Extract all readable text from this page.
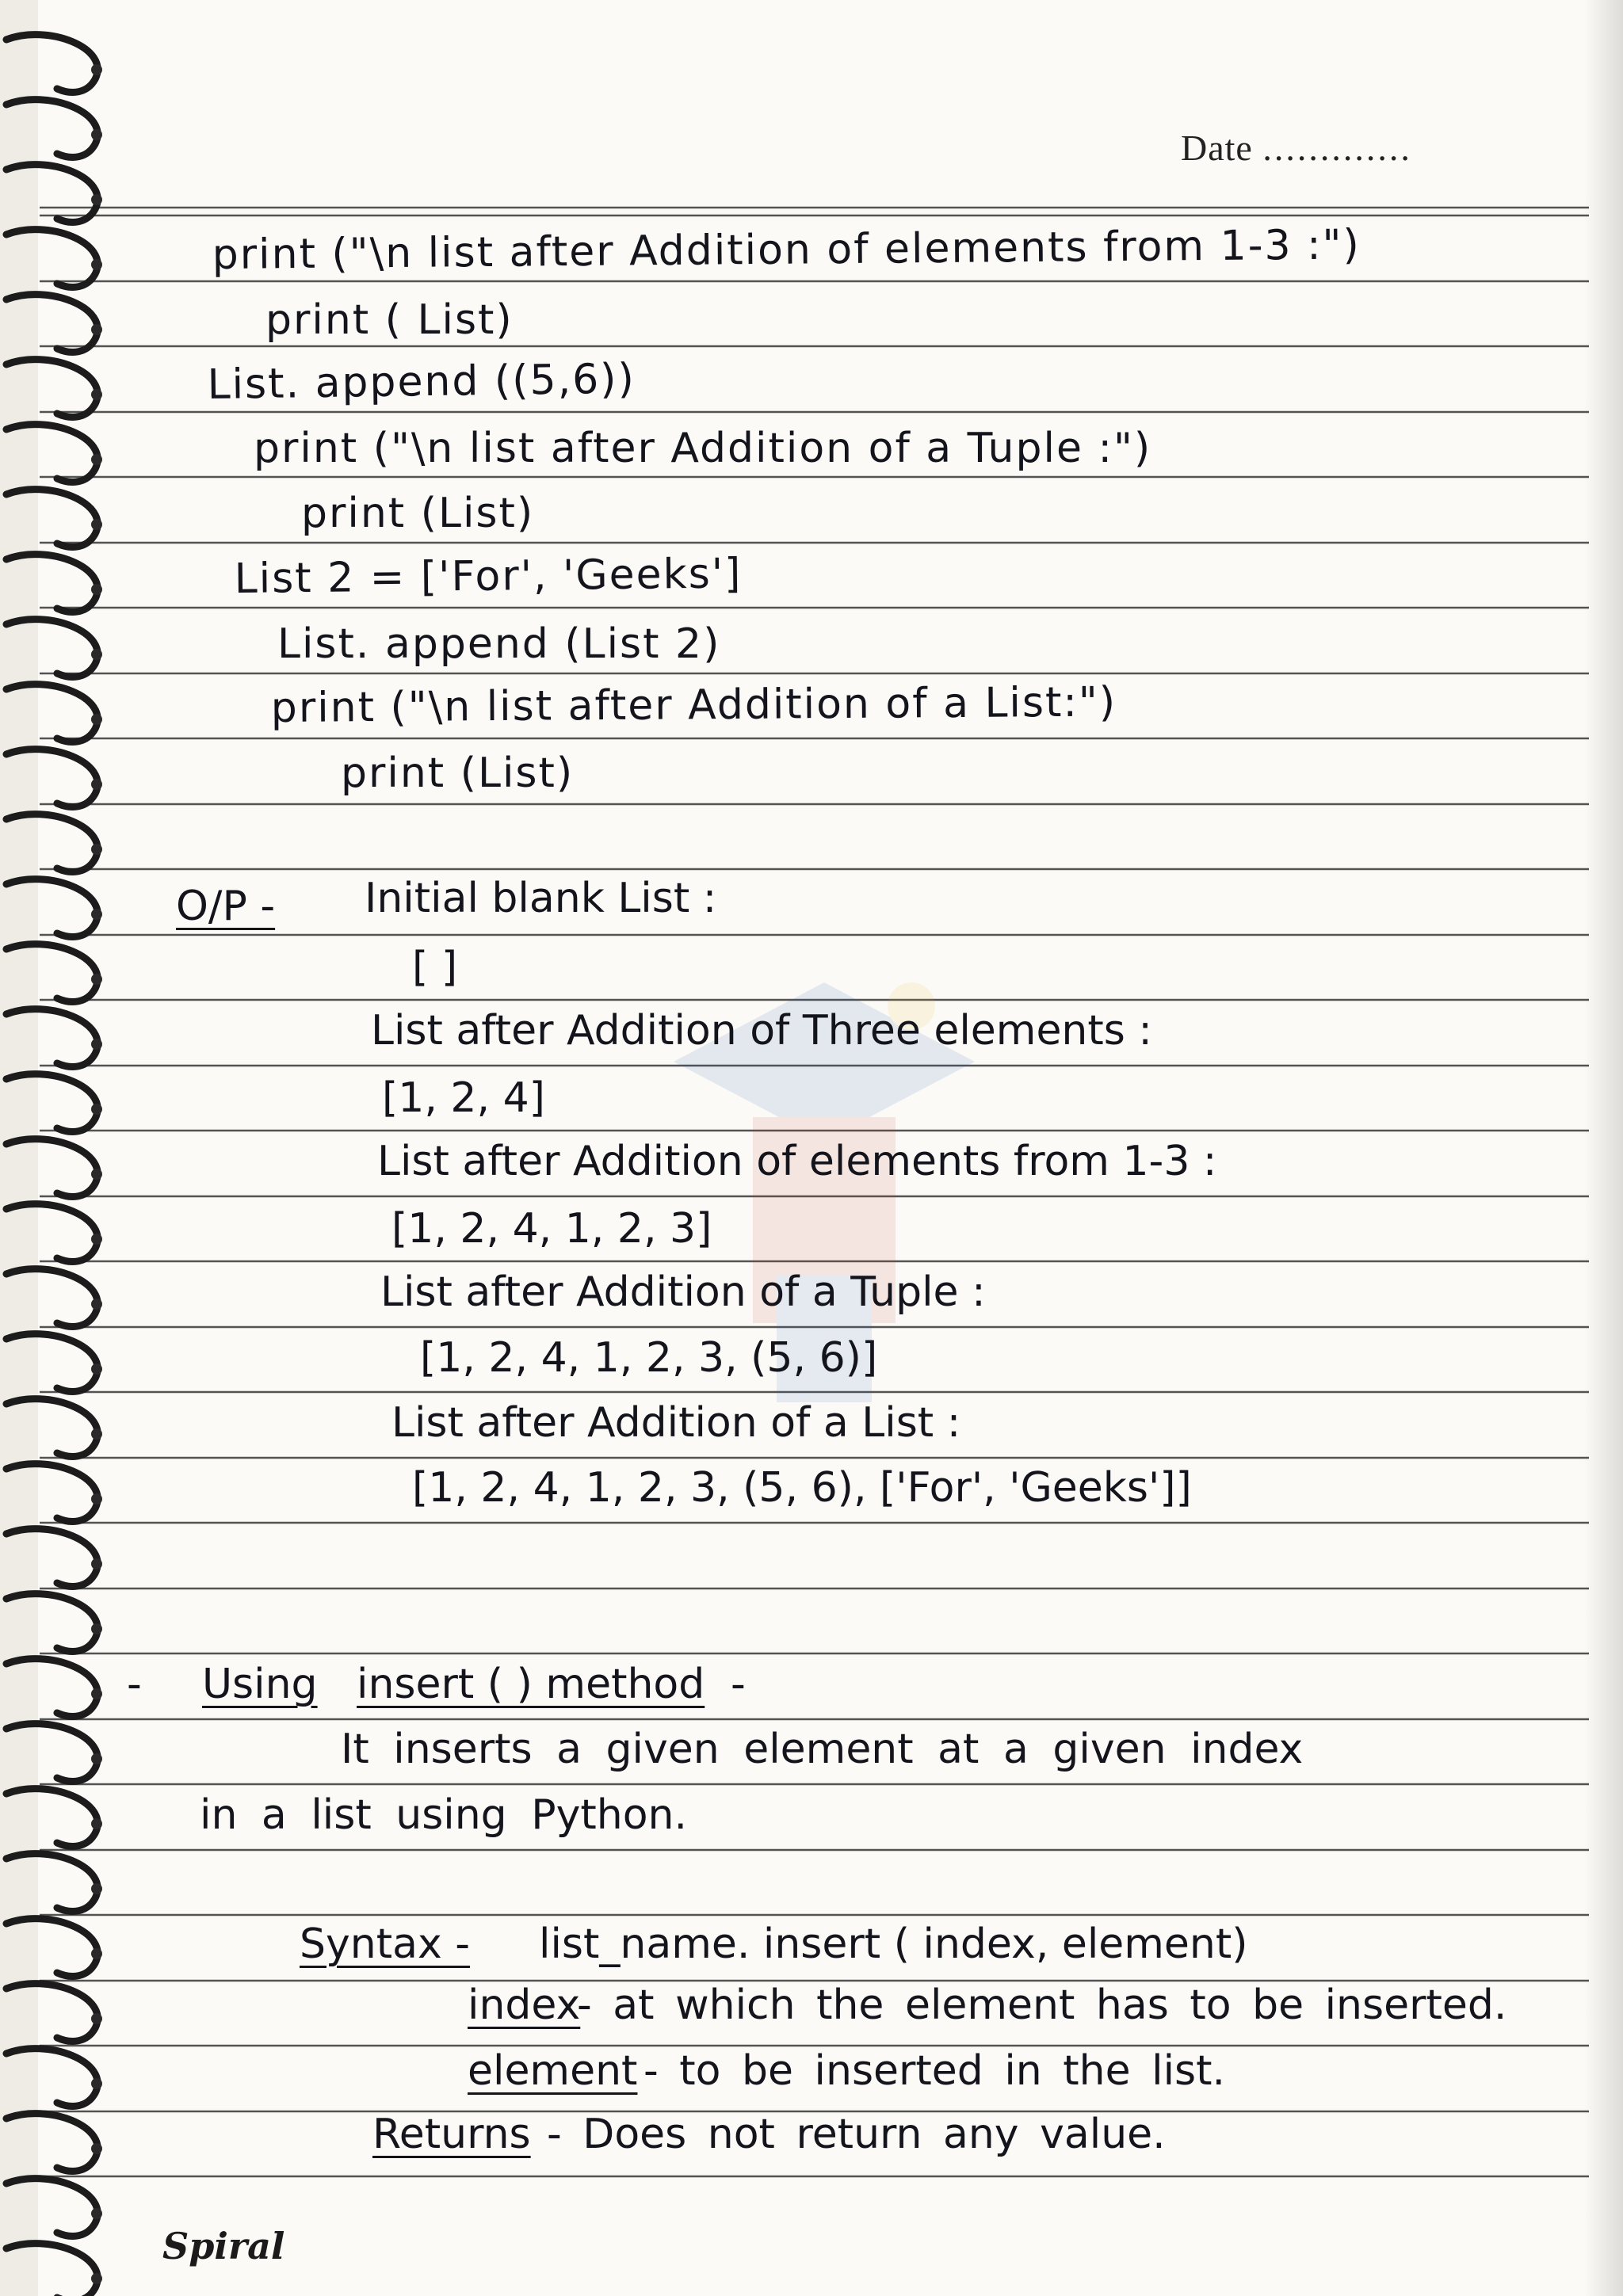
Date .............
print ("\n list after Addition of elements from 1-3 :")
print ( List)
List. append ((5,6))
print ("\n list after Addition of a Tuple :")
print (List)
List 2 = ['For', 'Geeks']
List. append (List 2)
print ("\n list after Addition of a List:")
print (List)
O/P - Initial blank List :
[ ]
List after Addition of Three elements :
[1, 2, 4]
List after Addition of elements from 1-3 :
[1, 2, 4, 1, 2, 3]
List after Addition of a Tuple :
[1, 2, 4, 1, 2, 3, (5, 6)]
List after Addition of a List :
[1, 2, 4, 1, 2, 3, (5, 6), ['For', 'Geeks']]
- Using insert ( ) method -
It inserts a given element at a given index
in a list using Python.
Syntax - list_name. insert ( index, element)
index
- at which the element has to be inserted.
element - to be inserted in the list.
Returns - Does not return any value.
Spiral
